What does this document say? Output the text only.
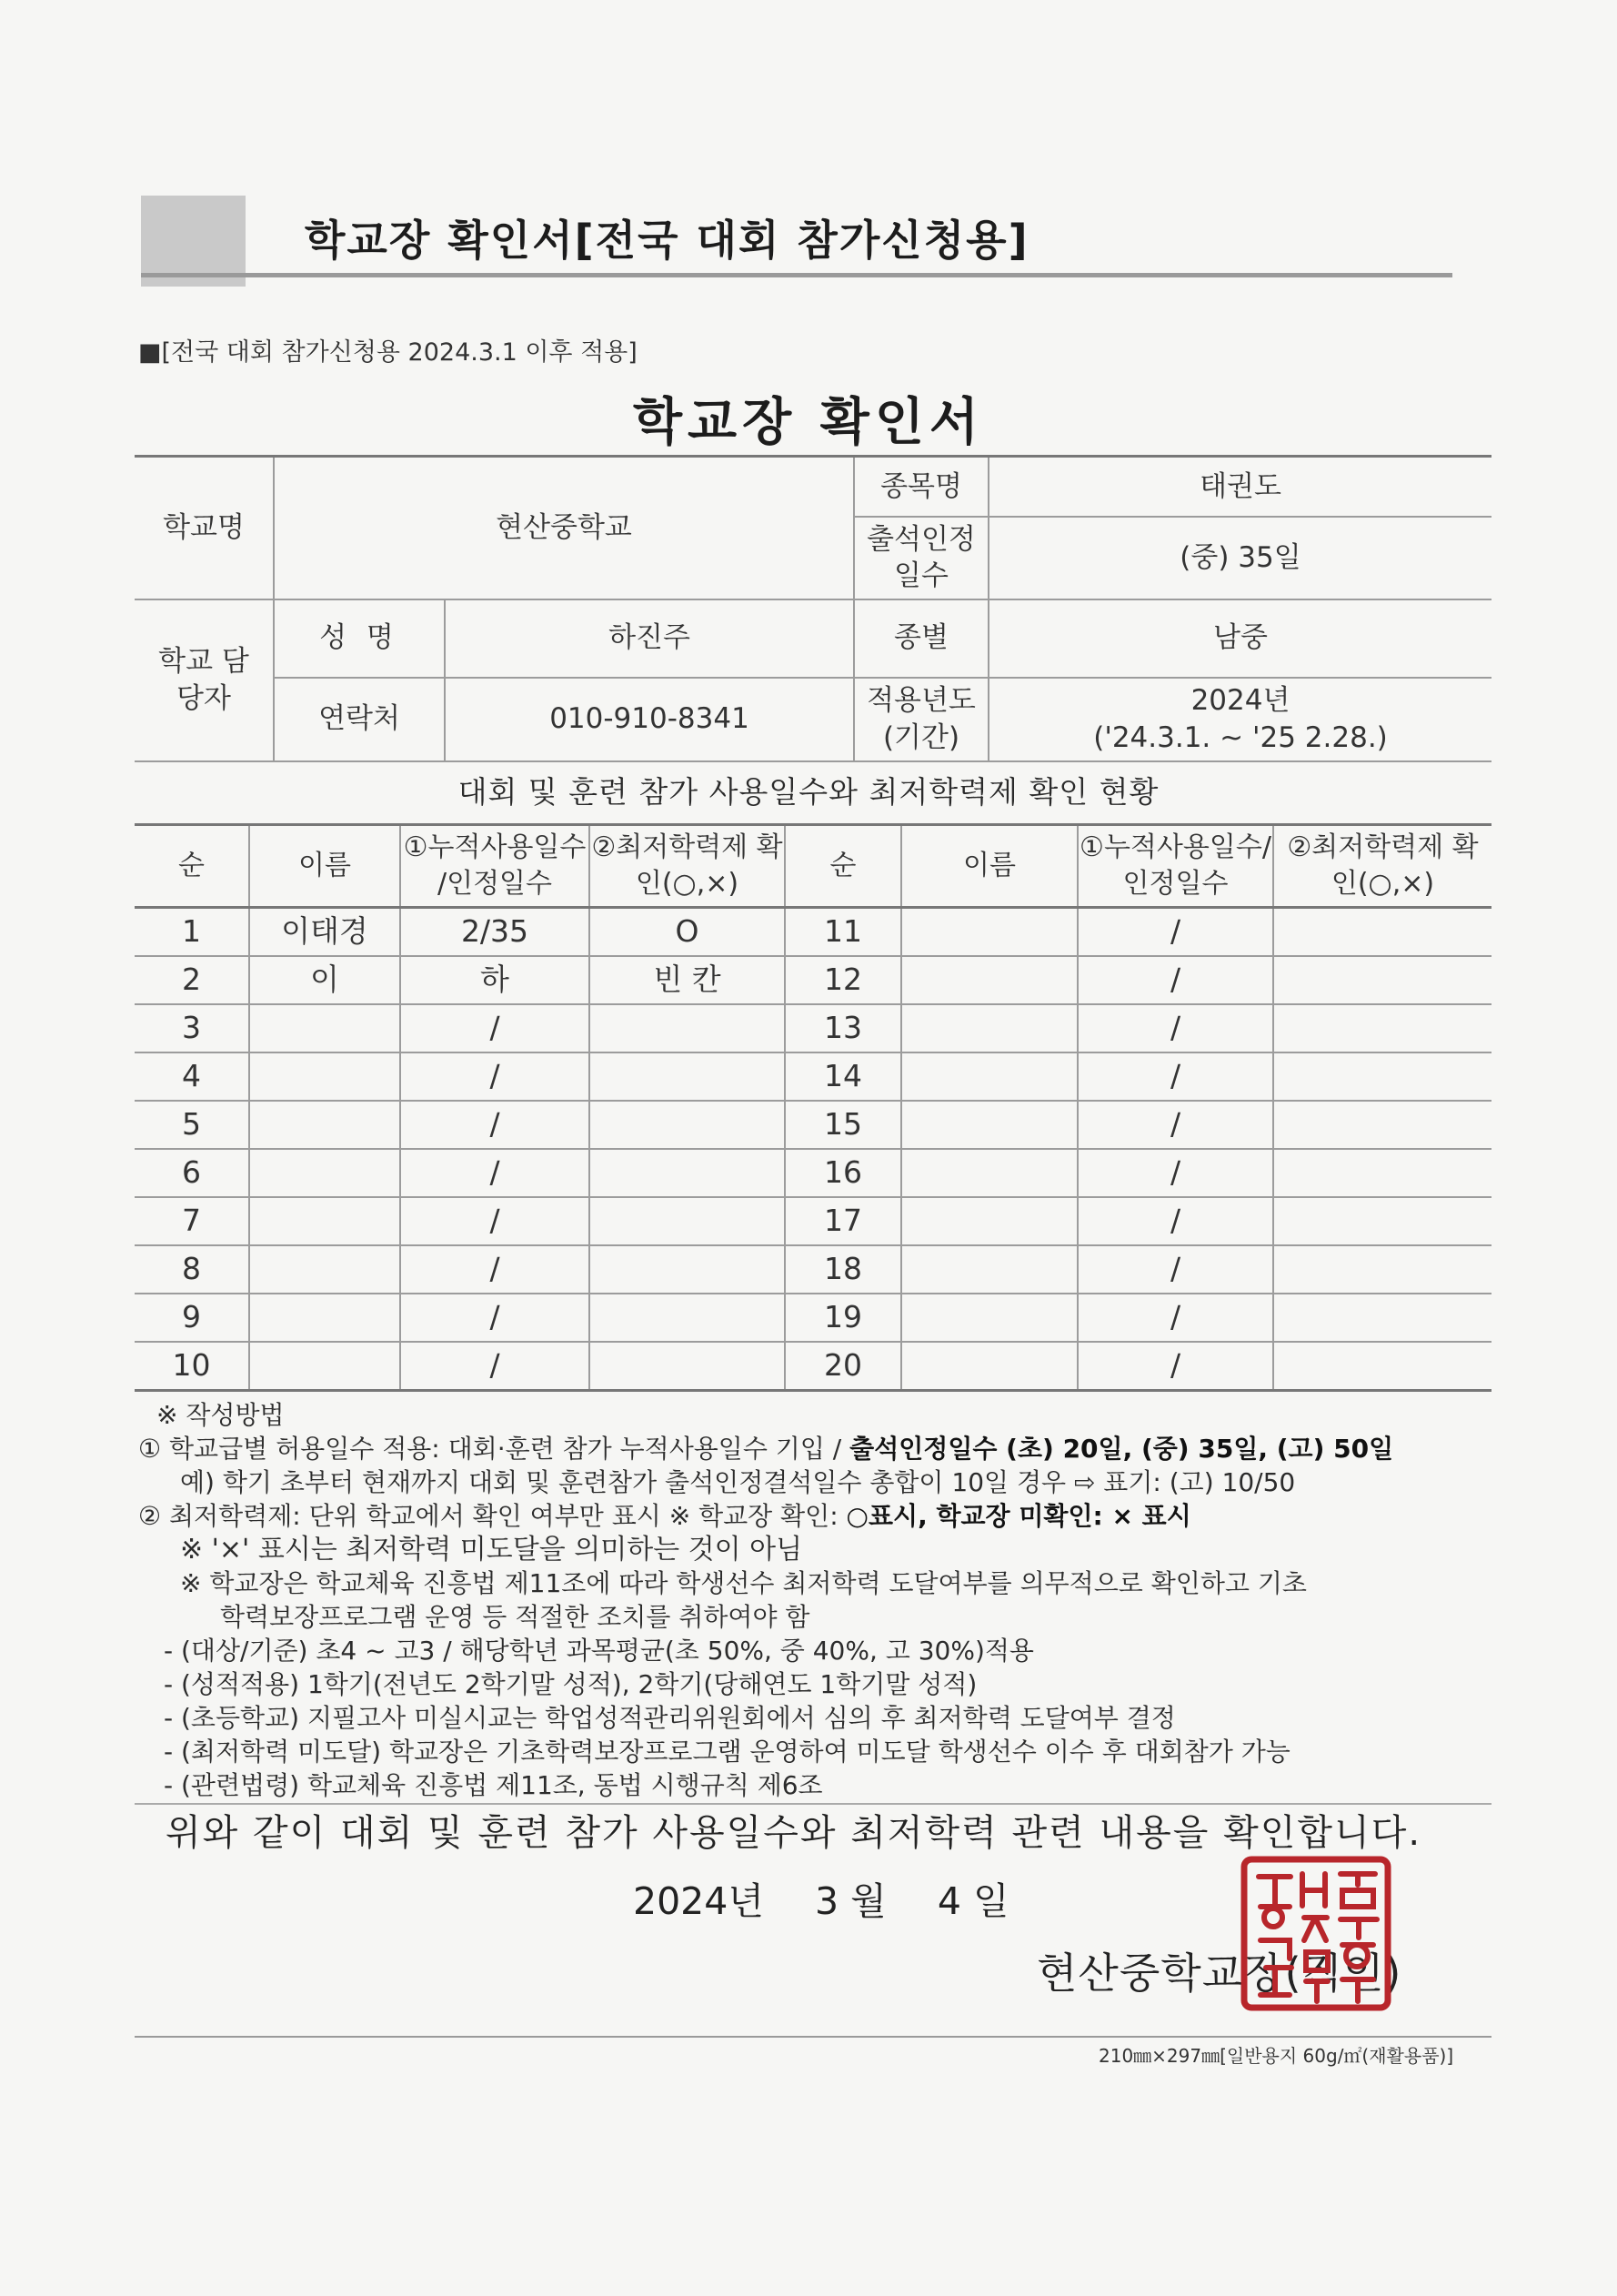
학교장 확인서[전국 대회 참가신청용]
■[전국 대회 참가신청용 2024.3.1 이후 적용]
학교장 확인서
학교명	현산중학교		종목명	태권도
			출석인정 일수	(중) 35일
학교 담당자	성 명	하진주	종별	남중
	연락처	010-910-8341	적용년도 (기간)	2024년
('24.3.1. ~ '25 2.28.)
대회 및 훈련 참가 사용일수와 최저학력제 확인 현황
순	이름	①누적사용일수 /인정일수	②최저학력제 확인(○,×)	순	이름	①누적사용일수/ 인정일수	②최저학력제 확인(○,×)
1	이태경	2/35	O	11		/	
2	이	하	빈 칸	12		/	
3		/		13		/	
4		/		14		/	
5		/		15		/	
6		/		16		/	
7		/		17		/	
8		/		18		/	
9		/		19		/	
10		/		20		/	
※ 작성방법
① 학교급별 허용일수 적용: 대회·훈련 참가 누적사용일수 기입 / 출석인정일수 (초) 20일, (중) 35일, (고) 50일
예) 학기 초부터 현재까지 대회 및 훈련참가 출석인정결석일수 총합이 10일 경우 ⇨ 표기: (고) 10/50
② 최저학력제: 단위 학교에서 확인 여부만 표시 ※ 학교장 확인: ○표시, 학교장 미확인: × 표시
※ '×' 표시는 최저학력 미도달을 의미하는 것이 아님
※ 학교장은 학교체육 진흥법 제11조에 따라 학생선수 최저학력 도달여부를 의무적으로 확인하고 기초
학력보장프로그램 운영 등 적절한 조치를 취하여야 함
- (대상/기준) 초4 ~ 고3 / 해당학년 과목평균(초 50%, 중 40%, 고 30%)적용
- (성적적용) 1학기(전년도 2학기말 성적), 2학기(당해연도 1학기말 성적)
- (초등학교) 지필고사 미실시교는 학업성적관리위원회에서 심의 후 최저학력 도달여부 결정
- (최저학력 미도달) 학교장은 기초학력보장프로그램 운영하여 미도달 학생선수 이수 후 대회참가 가능
- (관련법령) 학교체육 진흥법 제11조, 동법 시행규칙 제6조
위와 같이 대회 및 훈련 참가 사용일수와 최저학력 관련 내용을 확인합니다.
2024년 3 월 4 일
현산중학교장(직인)
210㎜×297㎜[일반용지 60g/㎡(재활용품)]
